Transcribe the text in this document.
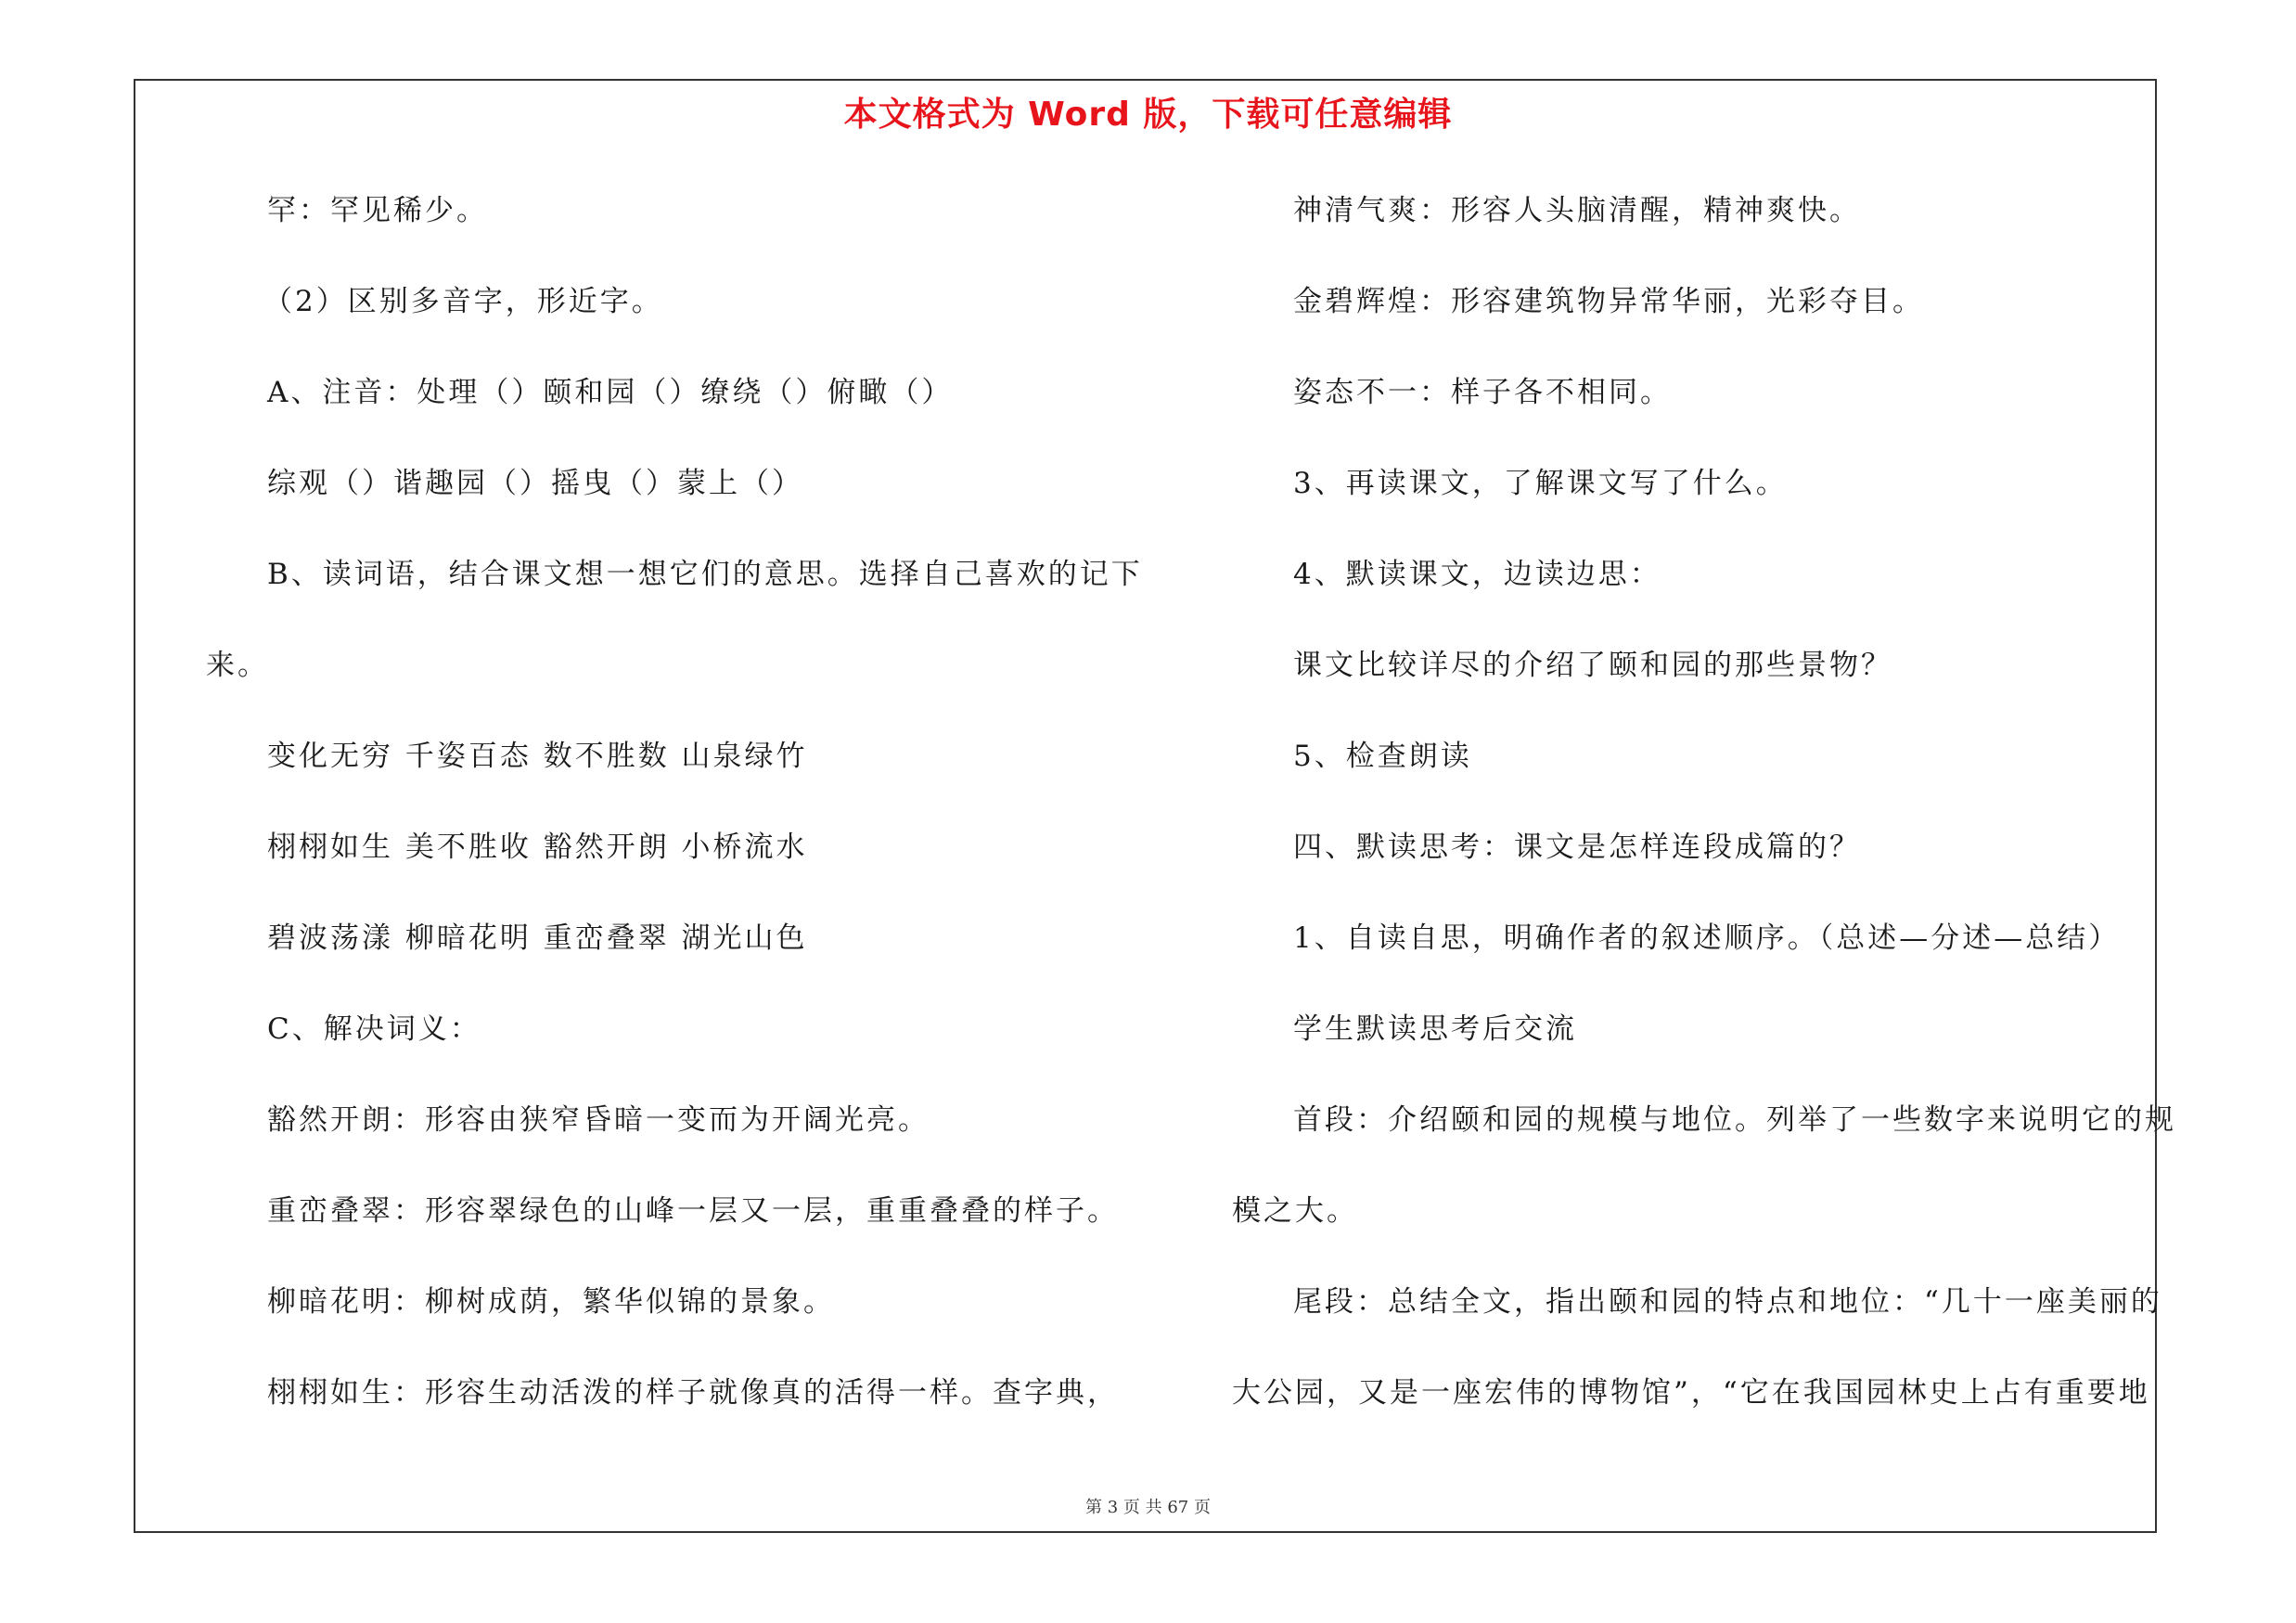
本文格式为 Word 版，下载可任意编辑
罕：罕见稀少。
（2）区别多音字，形近字。
A、注音：处理（）颐和园（）缭绕（）俯瞰（）
综观（）谐趣园（）摇曳（）蒙上（）
B、读词语，结合课文想一想它们的意思。选择自己喜欢的记下
来。
变化无穷 千姿百态 数不胜数 山泉绿竹
栩栩如生 美不胜收 豁然开朗 小桥流水
碧波荡漾 柳暗花明 重峦叠翠 湖光山色
C、解决词义：
豁然开朗：形容由狭窄昏暗一变而为开阔光亮。
重峦叠翠：形容翠绿色的山峰一层又一层，重重叠叠的样子。
柳暗花明：柳树成荫，繁华似锦的景象。
栩栩如生：形容生动活泼的样子就像真的活得一样。查字典，
神清气爽：形容人头脑清醒，精神爽快。
金碧辉煌：形容建筑物异常华丽，光彩夺目。
姿态不一：样子各不相同。
3、再读课文，了解课文写了什么。
4、默读课文，边读边思：
课文比较详尽的介绍了颐和园的那些景物？
5、检查朗读
四、默读思考：课文是怎样连段成篇的？
1、自读自思，明确作者的叙述顺序。（总述—分述—总结）
学生默读思考后交流
首段：介绍颐和园的规模与地位。列举了一些数字来说明它的规
模之大。
尾段：总结全文，指出颐和园的特点和地位：“几十一座美丽的
大公园，又是一座宏伟的博物馆”，“它在我国园林史上占有重要地
第 3 页 共 67 页
